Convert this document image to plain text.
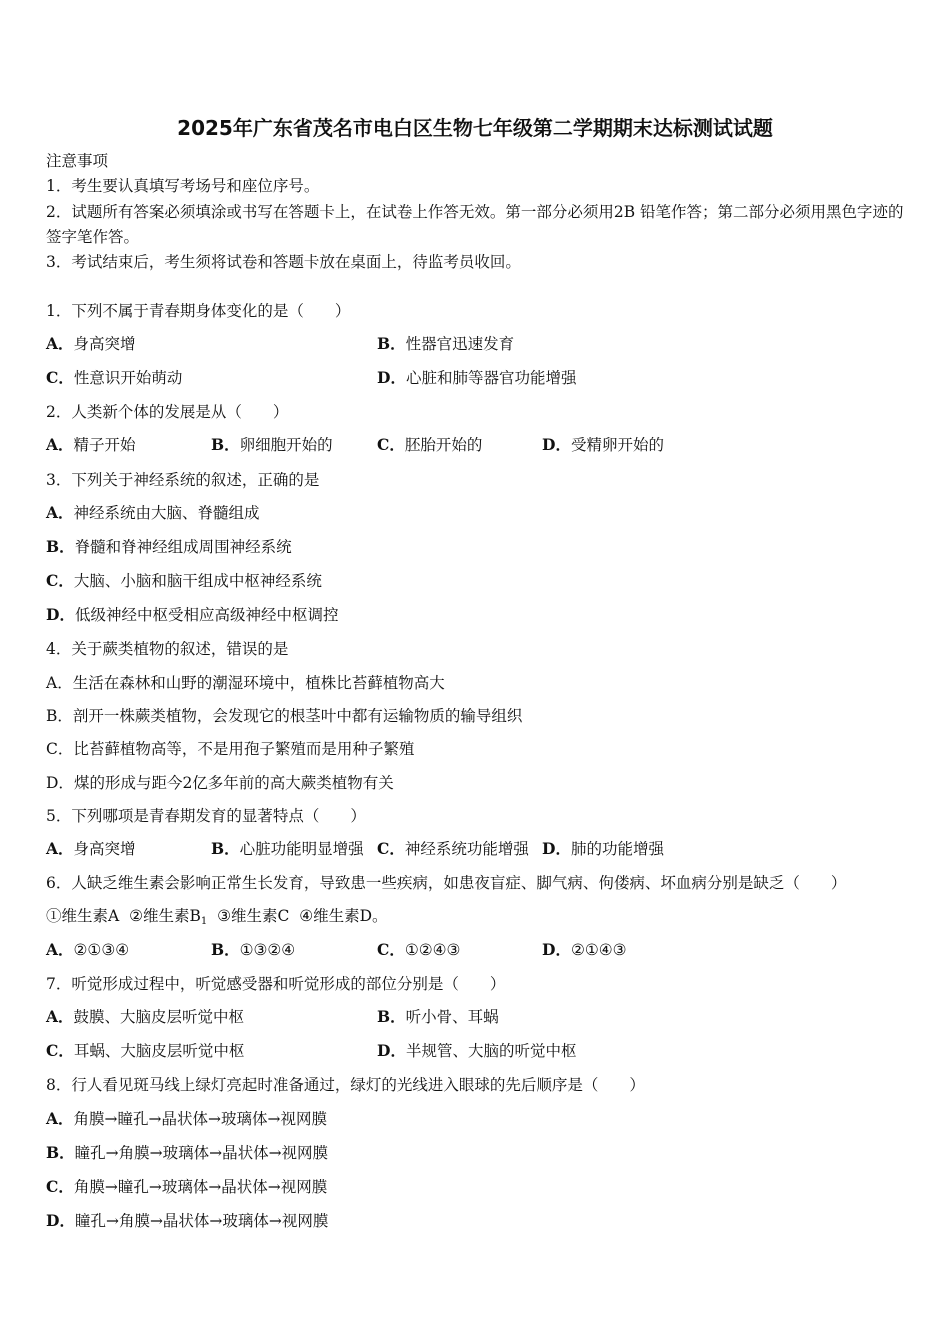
2025年广东省茂名市电白区生物七年级第二学期期末达标测试试题
注意事项
1．考生要认真填写考场号和座位序号。
2．试题所有答案必须填涂或书写在答题卡上，在试卷上作答无效。第一部分必须用2B 铅笔作答；第二部分必须用黑色字迹的签字笔作答。
3．考试结束后，考生须将试卷和答题卡放在桌面上，待监考员收回。
1．下列不属于青春期身体变化的是（　　）
A．身高突增	B．性器官迅速发育
C．性意识开始萌动	D．心脏和肺等器官功能增强
2．人类新个体的发展是从（　　）
A．精子开始	B．卵细胞开始的	C．胚胎开始的	D．受精卵开始的
3．下列关于神经系统的叙述，正确的是
A．神经系统由大脑、脊髓组成
B．脊髓和脊神经组成周围神经系统
C．大脑、小脑和脑干组成中枢神经系统
D．低级神经中枢受相应高级神经中枢调控
4．关于蕨类植物的叙述，错误的是
A．生活在森林和山野的潮湿环境中，植株比苔藓植物高大
B．剖开一株蕨类植物，会发现它的根茎叶中都有运输物质的输导组织
C．比苔藓植物高等，不是用孢子繁殖而是用种子繁殖
D．煤的形成与距今2亿多年前的高大蕨类植物有关
5．下列哪项是青春期发育的显著特点（　　）
A．身高突增	B．心脏功能明显增强 C．神经系统功能增强 D．肺的功能增强
6．人缺乏维生素会影响正常生长发育，导致患一些疾病，如患夜盲症、脚气病、佝偻病、坏血病分别是缺乏（　　）
①维生素A ②维生素$B_1$ ③维生素C ④维生素D。
A．②①③④	B．①③②④	C．①②④③	D．②①④③
7．听觉形成过程中，听觉感受器和听觉形成的部位分别是（　　）
A．鼓膜、大脑皮层听觉中枢	B．听小骨、耳蜗
C．耳蜗、大脑皮层听觉中枢	D．半规管、大脑的听觉中枢
8．行人看见斑马线上绿灯亮起时准备通过，绿灯的光线进入眼球的先后顺序是（　　）
A．角膜→瞳孔→晶状体→玻璃体→视网膜
B．瞳孔→角膜→玻璃体→晶状体→视网膜
C．角膜→瞳孔→玻璃体→晶状体→视网膜
D．瞳孔→角膜→晶状体→玻璃体→视网膜
